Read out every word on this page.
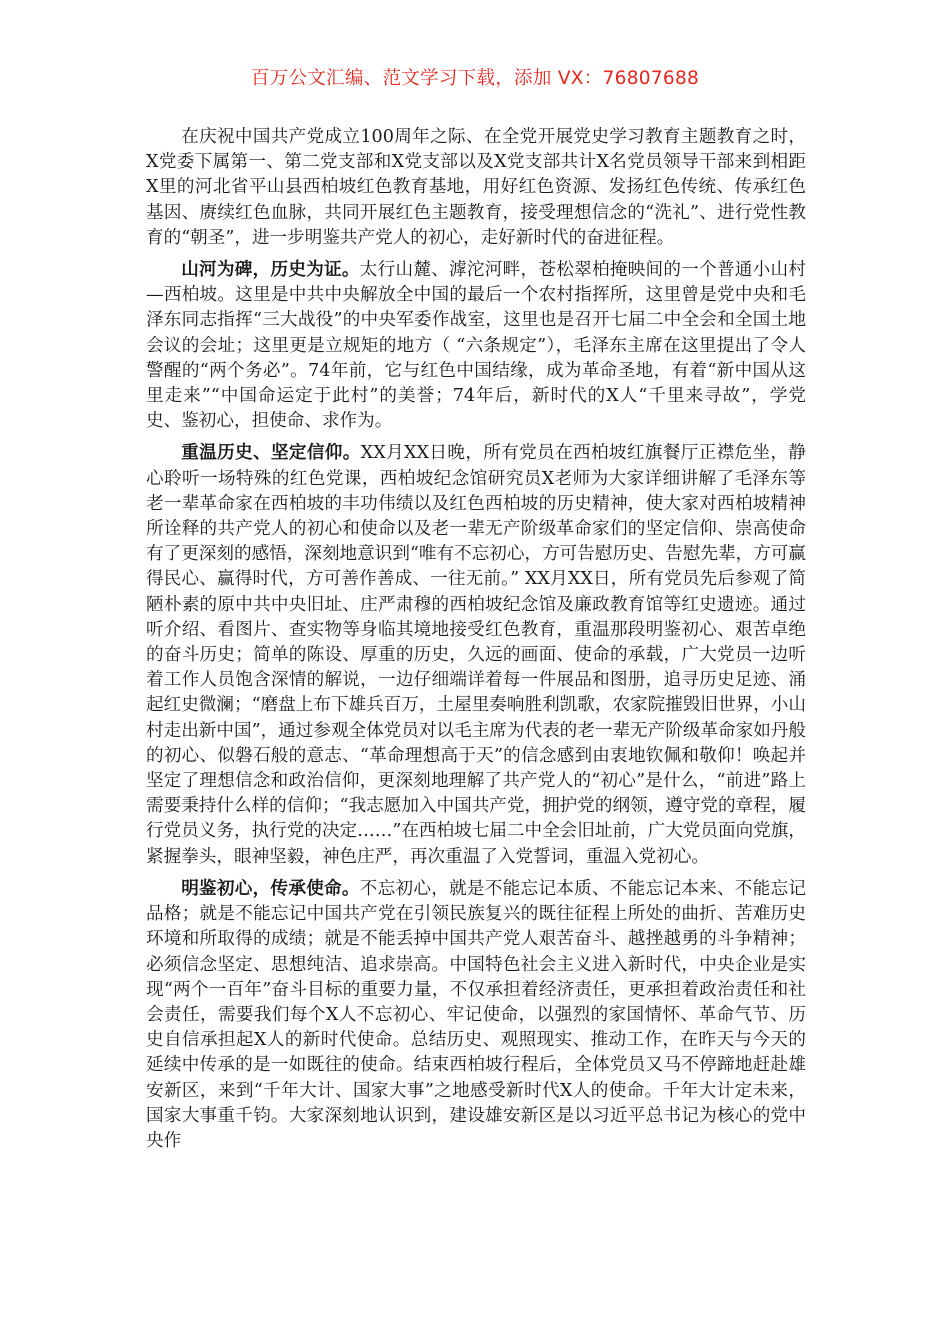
百万公文汇编、范文学习下载，添加 VX：76807688

在庆祝中国共产党成立100周年之际、在全党开展党史学习教育主题教育之时，X党委下属第一、第二党支部和X党支部以及X党支部共计X名党员领导干部来到相距X里的河北省平山县西柏坡红色教育基地，用好红色资源、发扬红色传统、传承红色基因、赓续红色血脉，共同开展红色主题教育，接受理想信念的“洗礼”、进行党性教育的“朝圣”，进一步明鉴共产党人的初心，走好新时代的奋进征程。

山河为碑，历史为证。太行山麓、滹沱河畔，苍松翠柏掩映间的一个普通小山村—西柏坡。这里是中共中央解放全中国的最后一个农村指挥所，这里曾是党中央和毛泽东同志指挥“三大战役”的中央军委作战室，这里也是召开七届二中全会和全国土地会议的会址；这里更是立规矩的地方（ “六条规定”），毛泽东主席在这里提出了令人警醒的“两个务必”。74年前，它与红色中国结缘，成为革命圣地，有着“新中国从这里走来”“中国命运定于此村”的美誉；74年后，新时代的X人“千里来寻故”，学党史、鉴初心，担使命、求作为。

重温历史、坚定信仰。XX月XX日晚，所有党员在西柏坡红旗餐厅正襟危坐，静心聆听一场特殊的红色党课，西柏坡纪念馆研究员X老师为大家详细讲解了毛泽东等老一辈革命家在西柏坡的丰功伟绩以及红色西柏坡的历史精神，使大家对西柏坡精神所诠释的共产党人的初心和使命以及老一辈无产阶级革命家们的坚定信仰、崇高使命有了更深刻的感悟，深刻地意识到“唯有不忘初心，方可告慰历史、告慰先辈，方可赢得民心、赢得时代，方可善作善成、一往无前。” XX月XX日，所有党员先后参观了简陋朴素的原中共中央旧址、庄严肃穆的西柏坡纪念馆及廉政教育馆等红史遗迹。通过听介绍、看图片、查实物等身临其境地接受红色教育，重温那段明鉴初心、艰苦卓绝的奋斗历史；简单的陈设、厚重的历史，久远的画面、使命的承载，广大党员一边听着工作人员饱含深情的解说，一边仔细端详着每一件展品和图册，追寻历史足迹、涌起红史微澜；“磨盘上布下雄兵百万，土屋里奏响胜利凯歌，农家院摧毁旧世界，小山村走出新中国”，通过参观全体党员对以毛主席为代表的老一辈无产阶级革命家如丹般的初心、似磐石般的意志、“革命理想高于天”的信念感到由衷地钦佩和敬仰！唤起并坚定了理想信念和政治信仰，更深刻地理解了共产党人的“初心”是什么，“前进”路上需要秉持什么样的信仰；“我志愿加入中国共产党，拥护党的纲领，遵守党的章程，履行党员义务，执行党的决定……”在西柏坡七届二中全会旧址前，广大党员面向党旗，紧握拳头，眼神坚毅，神色庄严，再次重温了入党誓词，重温入党初心。

明鉴初心，传承使命。不忘初心，就是不能忘记本质、不能忘记本来、不能忘记品格；就是不能忘记中国共产党在引领民族复兴的既往征程上所处的曲折、苦难历史环境和所取得的成绩；就是不能丢掉中国共产党人艰苦奋斗、越挫越勇的斗争精神；必须信念坚定、思想纯洁、追求崇高。中国特色社会主义进入新时代，中央企业是实现“两个一百年”奋斗目标的重要力量，不仅承担着经济责任，更承担着政治责任和社会责任，需要我们每个X人不忘初心、牢记使命，以强烈的家国情怀、革命气节、历史自信承担起X人的新时代使命。总结历史、观照现实、推动工作，在昨天与今天的延续中传承的是一如既往的使命。结束西柏坡行程后，全体党员又马不停蹄地赶赴雄安新区，来到“千年大计、国家大事”之地感受新时代X人的使命。千年大计定未来，国家大事重千钧。大家深刻地认识到，建设雄安新区是以习近平总书记为核心的党中央作
